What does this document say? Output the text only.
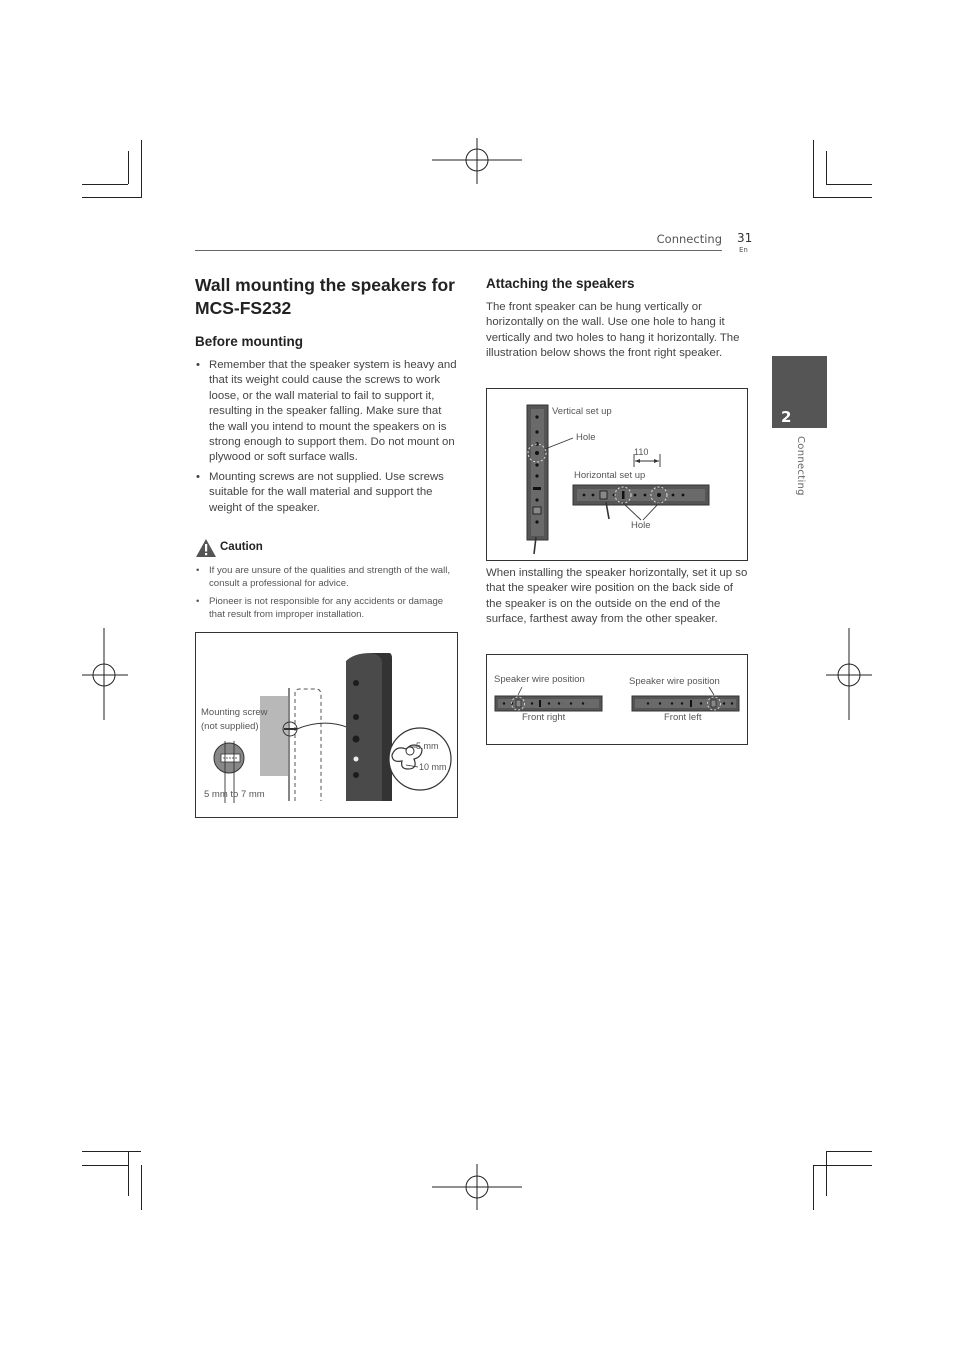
Connecting 31
En
2
Connecting
Wall mounting the speakers for MCS-FS232
Before mounting
• Remember that the speaker system is heavy and that its weight could cause the screws to work loose, or the wall material to fail to support it, resulting in the speaker falling. Make sure that the wall you intend to mount the speakers on is strong enough to support them. Do not mount on plywood or soft surface walls.
• Mounting screws are not supplied. Use screws suitable for the wall material and support the weight of the speaker.
Caution
• If you are unsure of the qualities and strength of the wall, consult a professional for advice.
• Pioneer is not responsible for any accidents or damage that result from improper installation.
Mounting screw
(not supplied)
5 mm to 7 mm
5 mm
10 mm
Attaching the speakers

The front speaker can be hung vertically or horizontally on the wall. Use one hole to hang it vertically and two holes to hang it horizontally. The illustration below shows the front right speaker.

Vertical set up
Hole
110
Horizontal set up
Hole

When installing the speaker horizontally, set it up so that the speaker wire position on the back side of the speaker is on the outside on the end of the surface, farthest away from the other speaker.

Speaker wire position	Speaker wire position
Front right	Front left
